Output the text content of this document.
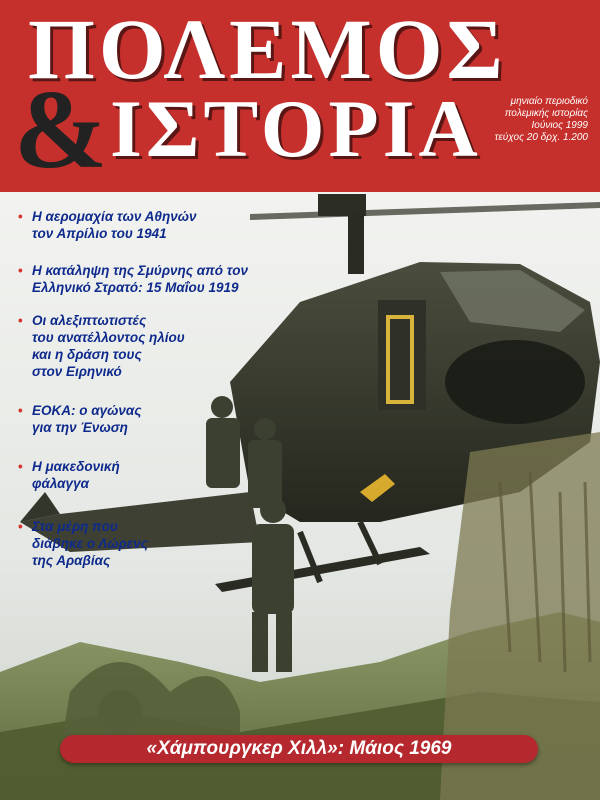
ΠΟΛΕΜΟΣ
& ΙΣΤΟΡΙΑ	μηνιαίο περιοδικό
πολεμικής ιστορίας
Ιούνιος 1999
τεύχος 20 δρχ. 1.200
• Η αερομαχία των Αθηνών
τον Απρίλιο του 1941
• Η κατάληψη της Σμύρνης από τον
Ελληνικό Στρατό: 15 Μαΐου 1919
• Οι αλεξιπτωτιστές
του ανατέλλοντος ηλίου
και η δράση τους
στον Ειρηνικό
• ΕΟΚΑ: ο αγώνας
για την Ένωση
• Η μακεδονική
φάλαγγα
• Στα μέρη που
διάβηκε ο Λώρενς
της Αραβίας
«Χάμπουργκερ Χιλλ»: Μάιος 1969
